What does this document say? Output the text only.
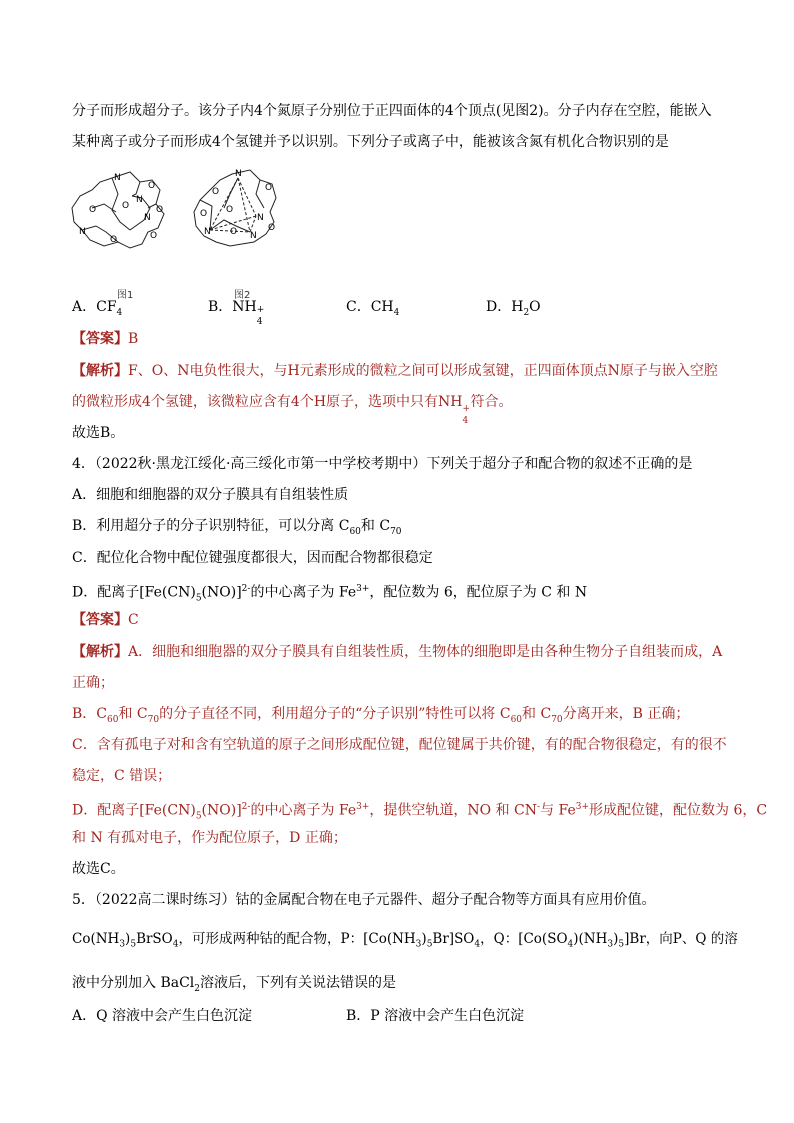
分子而形成超分子。该分子内4个氮原子分别位于正四面体的4个顶点(见图2)。分子内存在空腔，能嵌入
某种离子或分子而形成4个氢键并予以识别。下列分子或离子中，能被该含氮有机化合物识别的是
N
N
N
N
O
O	O	O
O	O
N
N	N
N
O	O
O
O
O
O
图1	图2
A．$CF_4$	B．NH +
4
C．$CH_4$	D．$H_2O$
【答案】B
【解析】F、O、N电负性很大，与H元素形成的微粒之间可以形成氢键，正四面体顶点N原子与嵌入空腔
的微粒形成4个氢键，该微粒应含有4个H原子，选项中只有NH +
4
符合。
故选B。
4．（2022秋·黑龙江绥化·高三绥化市第一中学校考期中）下列关于超分子和配合物的叙述不正确的是
A．细胞和细胞器的双分子膜具有自组装性质
B．利用超分子的分子识别特征，可以分离 $C_{60}$和 $C_{70}$
C．配位化合物中配位键强度都很大，因而配合物都很稳定
D．配离子$[Fe(CN)_5(NO)]^{2-}$的中心离子为 $Fe^{3+}$，配位数为 6，配位原子为 C 和 N
【答案】C
【解析】A．细胞和细胞器的双分子膜具有自组装性质，生物体的细胞即是由各种生物分子自组装而成，A
正确；
B．$C_{60}$和 $C_{70}$的分子直径不同，利用超分子的“分子识别”特性可以将 $C_{60}$和 $C_{70}$分离开来，B 正确；
C．含有孤电子对和含有空轨道的原子之间形成配位键，配位键属于共价键，有的配合物很稳定，有的很不
稳定，C 错误；
D．配离子$[Fe(CN)_5(NO)]^{2-}$的中心离子为 $Fe^{3+}$，提供空轨道，NO 和 CN-与 $Fe^{3+}$形成配位键，配位数为 6，C
和 N 有孤对电子，作为配位原子，D 正确；
故选C。
5．（2022高二课时练习）钴的金属配合物在电子元器件、超分子配合物等方面具有应用价值。
$Co(NH_3)_5BrSO_4$，可形成两种钴的配合物，P：$[Co(NH_3)_5Br]SO_4$，Q：$[Co(SO_4)(NH_3)_5]Br$，向P、Q 的溶
液中分别加入 BaCl$_2$溶液后，下列有关说法错误的是
A．Q 溶液中会产生白色沉淀	B．P 溶液中会产生白色沉淀
